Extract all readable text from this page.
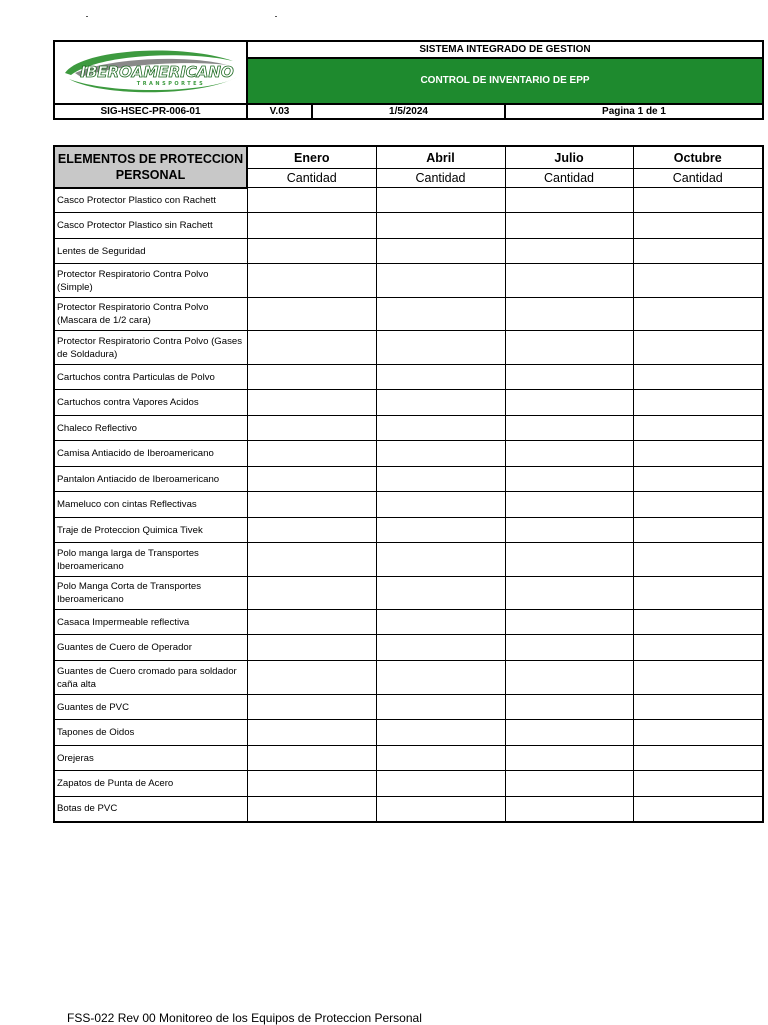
IBEROAMERICANO
TRANSPORTES	SISTEMA INTEGRADO DE GESTION		
	CONTROL DE INVENTARIO DE EPP		
SIG-HSEC-PR-006-01	V.03	1/5/2024	Pagina 1 de 1
ELEMENTOS DE PROTECCION PERSONAL	Enero	Abril	Julio	Octubre
	Cantidad	Cantidad	Cantidad	Cantidad
Casco Protector Plastico con Rachett				
Casco Protector Plastico sin Rachett				
Lentes de Seguridad				
Protector Respiratorio Contra Polvo (Simple)				
Protector Respiratorio Contra Polvo (Mascara de 1/2 cara)				
Protector Respiratorio Contra Polvo (Gases de Soldadura)				
Cartuchos contra Particulas de Polvo				
Cartuchos contra Vapores Acidos				
Chaleco Reflectivo				
Camisa Antiacido de Iberoamericano				
Pantalon Antiacido de Iberoamericano				
Mameluco con cintas Reflectivas				
Traje de Proteccion Quimica Tivek				
Polo manga larga de Transportes Iberoamericano				
Polo Manga Corta de Transportes Iberoamericano				
Casaca Impermeable reflectiva				
Guantes de Cuero de Operador				
Guantes de Cuero cromado para soldador caña alta				
Guantes de PVC				
Tapones de Oidos				
Orejeras				
Zapatos de Punta de Acero				
Botas de PVC				
FSS-022 Rev 00 Monitoreo de los Equipos de Proteccion Personal
